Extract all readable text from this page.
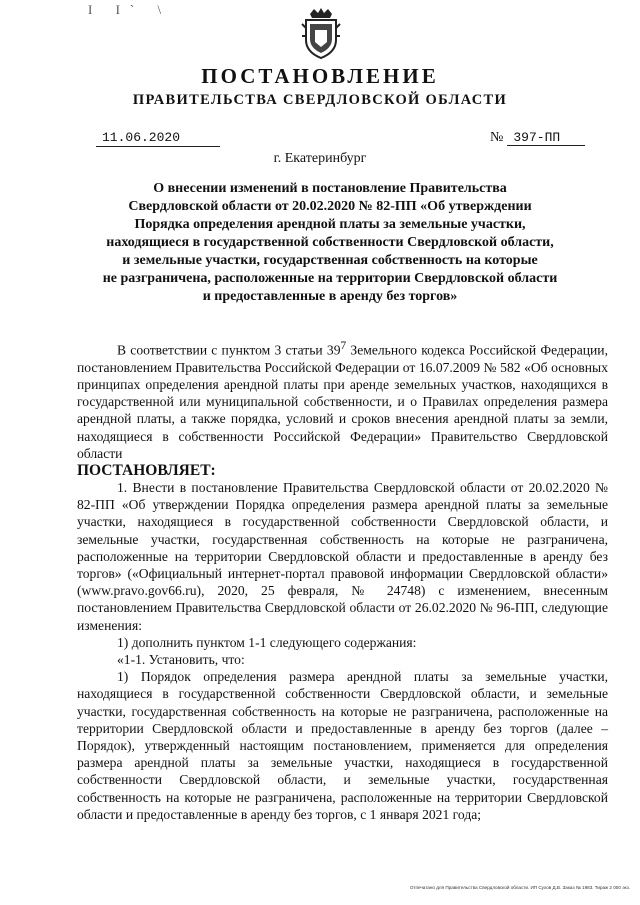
I I` \
ПОСТАНОВЛЕНИЕ
ПРАВИТЕЛЬСТВА СВЕРДЛОВСКОЙ ОБЛАСТИ
11.06.2020	№ 397-ПП
г. Екатеринбург
О внесении изменений в постановление Правительства
Свердловской области от 20.02.2020 № 82-ПП «Об утверждении
Порядка определения арендной платы за земельные участки,
находящиеся в государственной собственности Свердловской области,
и земельные участки, государственная собственность на которые
не разграничена, расположенные на территории Свердловской области
и предоставленные в аренду без торгов»

В соответствии с пунктом 3 статьи $39^7$ Земельного кодекса Российской Федерации, постановлением Правительства Российской Федерации от 16.07.2009 № 582 «Об основных принципах определения арендной платы при аренде земельных участков, находящихся в государственной или муниципальной собственности, и о Правилах определения размера арендной платы, а также порядка, условий и сроков внесения арендной платы за земли, находящиеся в собственности Российской Федерации» Правительство Свердловской области

ПОСТАНОВЛЯЕТ:

1. Внести в постановление Правительства Свердловской области от 20.02.2020 № 82-ПП «Об утверждении Порядка определения размера арендной платы за земельные участки, находящиеся в государственной собственности Свердловской области, и земельные участки, государственная собственность на которые не разграничена, расположенные на территории Свердловской области и предоставленные в аренду без торгов» («Официальный интернет-портал правовой информации Свердловской области» (www.pravo.gov66.ru), 2020, 25 февраля, № 24748) с изменением, внесенным постановлением Правительства Свердловской области от 26.02.2020 № 96-ПП, следующие изменения:

1) дополнить пунктом 1-1 следующего содержания:

«1-1. Установить, что:

1) Порядок определения размера арендной платы за земельные участки, находящиеся в государственной собственности Свердловской области, и земельные участки, государственная собственность на которые не разграничена, расположенные на территории Свердловской области и предоставленные в аренду без торгов (далее – Порядок), утвержденный настоящим постановлением, применяется для определения размера арендной платы за земельные участки, находящиеся в государственной собственности Свердловской области, и земельные участки, государственная собственность на которые не разграничена, расположенные на территории Свердловской области и предоставленные в аренду без торгов, с 1 января 2021 года;

Отпечатано для Правительства Свердловской области. ИП Сухов Д.В. Заказ № 1983. Тираж 2 000 экз.
